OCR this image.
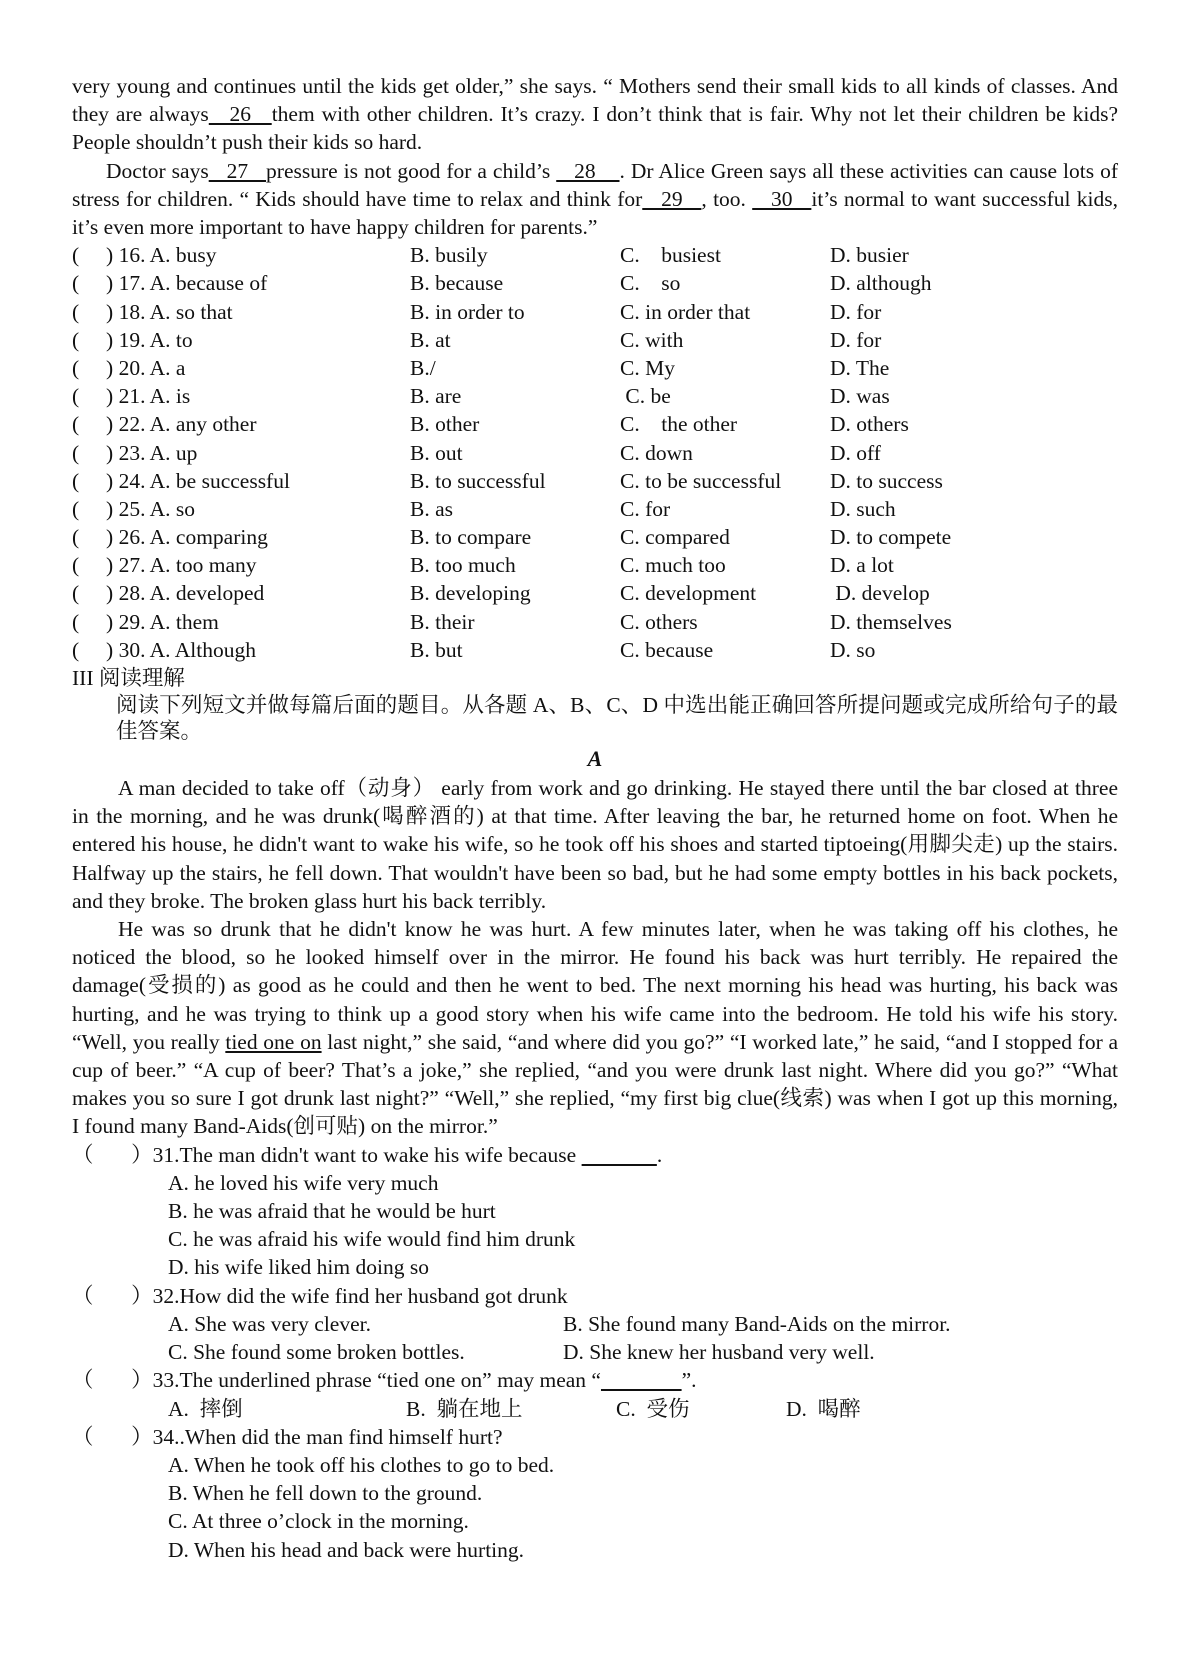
very young and continues until the kids get older,” she says. “ Mothers send their small kids to all kinds of classes. And they are always   26   them with other children. It’s crazy. I don’t think that is fair. Why not let their children be kids? People shouldn’t push their kids so hard.

Doctor says   27   pressure is not good for a child’s    28    . Dr Alice Green says all these activities can cause lots of stress for children. “ Kids should have time to relax and think for   29   , too.    30   it’s normal to want successful kids, it’s even more important to have happy children for parents.”

(     ) 16. A. busy	B. busily	C.    busiest	D. busier
(     ) 17. A. because of	B. because	C.    so	D. although
(     ) 18. A. so that	B. in order to	C. in order that	D. for
(     ) 19. A. to	B. at	C. with	D. for
(     ) 20. A. a	B./	C. My	D. The
(     ) 21. A. is	B. are	C. be	D. was
(     ) 22. A. any other	B. other	C.    the other	D. others
(     ) 23. A. up	B. out	C. down	D. off
(     ) 24. A. be successful	B. to successful	C. to be successful	D. to success
(     ) 25. A. so	B. as	C. for	D. such
(     ) 26. A. comparing	B. to compare	C. compared	D. to compete
(     ) 27. A. too many	B. too much	C. much too	D. a lot
(     ) 28. A. developed	B. developing	C. development	D. develop
(     ) 29. A. them	B. their	C. others	D. themselves
(     ) 30. A. Although	B. but	C. because	D. so

III 阅读理解

阅读下列短文并做每篇后面的题目。从各题 A、B、C、D 中选出能正确回答所提问题或完成所给句子的最佳答案。

A

A man decided to take off（动身） early from work and go drinking. He stayed there until the bar closed at three in the morning, and he was drunk(喝醉酒的) at that time. After leaving the bar, he returned home on foot. When he entered his house, he didn't want to wake his wife, so he took off his shoes and started tiptoeing(用脚尖走) up the stairs. Halfway up the stairs, he fell down. That wouldn't have been so bad, but he had some empty bottles in his back pockets, and they broke. The broken glass hurt his back terribly.

He was so drunk that he didn't know he was hurt. A few minutes later, when he was taking off his clothes, he noticed the blood, so he looked himself over in the mirror. He found his back was hurt terribly. He repaired the damage(受损的) as good as he could and then he went to bed. The next morning his head was hurting, his back was hurting, and he was trying to think up a good story when his wife came into the bedroom. He told his wife his story. “Well, you really tied one on last night,” she said, “and where did you go?” “I worked late,” he said, “and I stopped for a cup of beer.” “A cup of beer? That’s a joke,” she replied, “and you were drunk last night. Where did you go?” “What makes you so sure I got drunk last night?” “Well,” she replied, “my first big clue(线索) was when I got up this morning, I found many Band-Aids(创可贴) on the mirror.”

（       ）31.The man didn't want to wake his wife because	.

A. he loved his wife very much

B. he was afraid that he would be hurt

C. he was afraid his wife would find him drunk

D. his wife liked him doing so

（       ）32.How did the wife find her husband got drunk

A. She was very clever.	B. She found many Band-Aids on the mirror.
C. She found some broken bottles.	D. She knew her husband very well.

（       ）33.The underlined phrase “tied one on” may mean “	”.

A.  摔倒	B.  躺在地上	C.  受伤	D.  喝醉

（       ）34..When did the man find himself hurt?

A. When he took off his clothes to go to bed.

B. When he fell down to the ground.

C. At three o’clock in the morning.

D. When his head and back were hurting.
